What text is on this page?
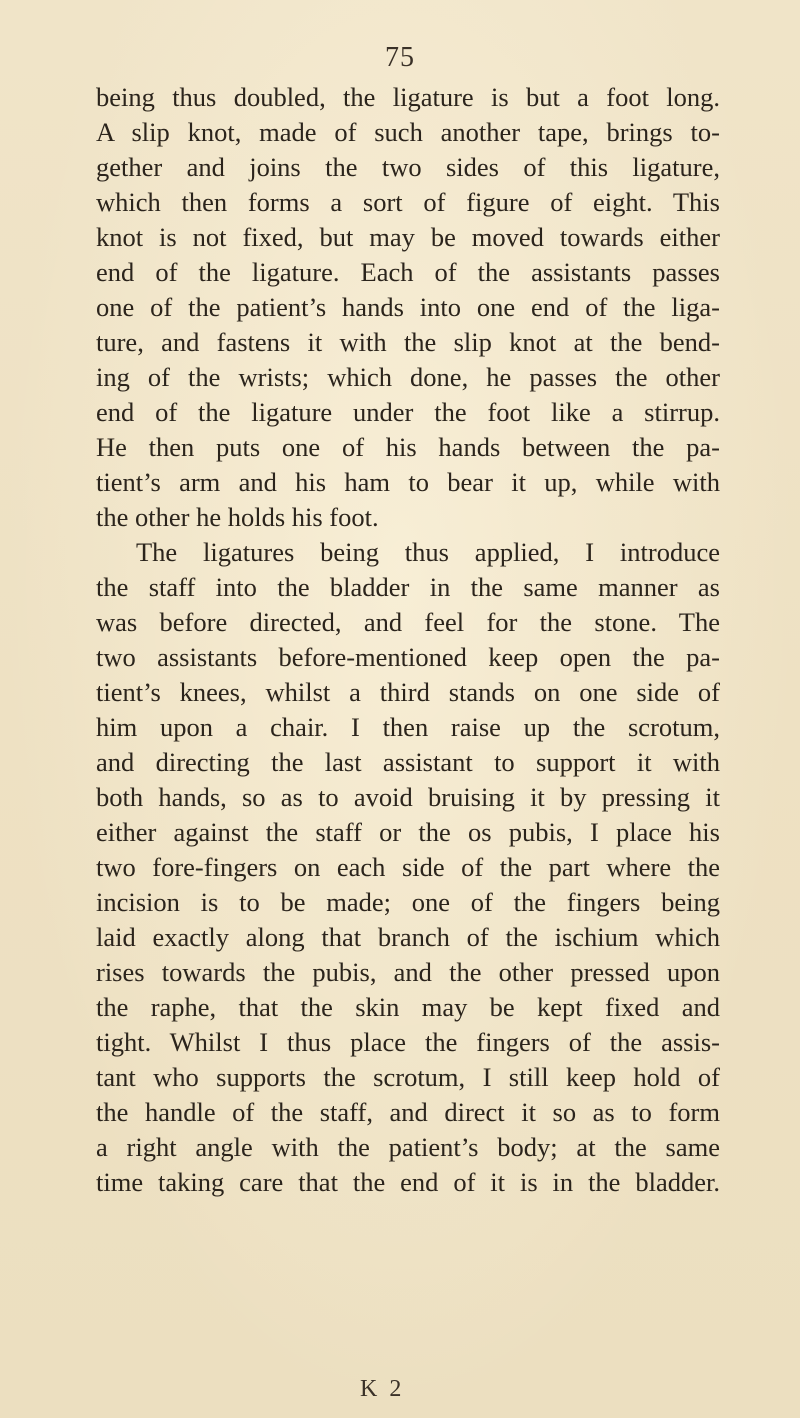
75
being thus doubled, the ligature is but a foot long.
A slip knot, made of such another tape, brings to-
gether and joins the two sides of this ligature,
which then forms a sort of figure of eight. This
knot is not fixed, but may be moved towards either
end of the ligature. Each of the assistants passes
one of the patient’s hands into one end of the liga-
ture, and fastens it with the slip knot at the bend-
ing of the wrists; which done, he passes the other
end of the ligature under the foot like a stirrup.
He then puts one of his hands between the pa-
tient’s arm and his ham to bear it up, while with
the other he holds his foot.
The ligatures being thus applied, I introduce
the staff into the bladder in the same manner as
was before directed, and feel for the stone. The
two assistants before-mentioned keep open the pa-
tient’s knees, whilst a third stands on one side of
him upon a chair. I then raise up the scrotum,
and directing the last assistant to support it with
both hands, so as to avoid bruising it by pressing it
either against the staff or the os pubis, I place his
two fore-fingers on each side of the part where the
incision is to be made; one of the fingers being
laid exactly along that branch of the ischium which
rises towards the pubis, and the other pressed upon
the raphe, that the skin may be kept fixed and
tight. Whilst I thus place the fingers of the assis-
tant who supports the scrotum, I still keep hold of
the handle of the staff, and direct it so as to form
a right angle with the patient’s body; at the same
time taking care that the end of it is in the bladder.
K 2
